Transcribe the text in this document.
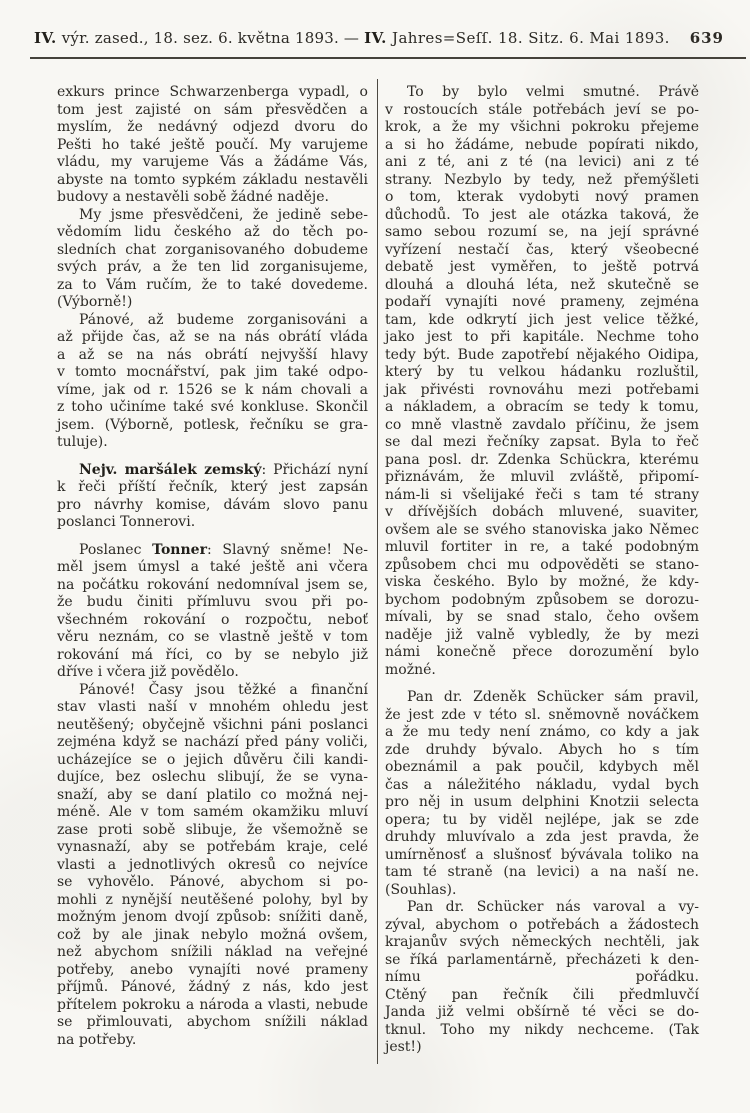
IV. výr. zased., 18. sez. 6. května 1893. — IV. Jahres=Seſſ. 18. Sitz. 6. Mai 1893. 639
exkurs prince Schwarzenberga vypadl, o
tom jest zajisté on sám přesvědčen a
myslím, že nedávný odjezd dvoru do
Pešti ho také ještě poučí. My varujeme
vládu, my varujeme Vás a žádáme Vás,
abyste na tomto sypkém základu nestavěli
budovy a nestavěli sobě žádné naděje.
My jsme přesvědčeni, že jedině sebe-
vědomím lidu českého až do těch po-
sledních chat zorganisovaného dobudeme
svých práv, a že ten lid zorganisujeme,
za to Vám ručím, že to také dovedeme.
(Výborně!)
Pánové, až budeme zorganisováni a
až přijde čas, až se na nás obrátí vláda
a až se na nás obrátí nejvyšší hlavy
v tomto mocnářství, pak jim také odpo-
víme, jak od r. 1526 se k nám chovali a
z toho učiníme také své konkluse. Skončil
jsem. (Výborně, potlesk, řečníku se gra-
tuluje).
Nejv. maršálek zemský: Přichází nyní
k řeči příští řečník, který jest zapsán
pro návrhy komise, dávám slovo panu
poslanci Tonnerovi.
Poslanec Tonner: Slavný sněme! Ne-
měl jsem úmysl a také ještě ani včera
na počátku rokování nedomníval jsem se,
že budu činiti přímluvu svou při po-
všechném rokování o rozpočtu, neboť
věru neznám, co se vlastně ještě v tom
rokování má říci, co by se nebylo již
dříve i včera již povědělo.
Pánové! Časy jsou těžké a finanční
stav vlasti naší v mnohém ohledu jest
neutěšený; obyčejně všichni páni poslanci
zejména když se nachází před pány voliči,
ucházejíce se o jejich důvěru čili kandi-
dujíce, bez oslechu slibují, že se vyna-
snaží, aby se daní platilo co možná nej-
méně. Ale v tom samém okamžiku mluví
zase proti sobě slibuje, že všemožně se
vynasnaží, aby se potřebám kraje, celé
vlasti a jednotlivých okresů co nejvíce
se vyhovělo. Pánové, abychom si po-
mohli z nynější neutěšené polohy, byl by
možným jenom dvojí způsob: snížiti daně,
což by ale jinak nebylo možná ovšem,
než abychom snížili náklad na veřejné
potřeby, anebo vynajíti nové prameny
příjmů. Pánové, žádný z nás, kdo jest
přítelem pokroku a národa a vlasti, nebude
se přimlouvati, abychom snížili náklad
na potřeby.
To by bylo velmi smutné. Právě
v rostoucích stále potřebách jeví se po-
krok, a že my všichni pokroku přejeme
a si ho žádáme, nebude popírati nikdo,
ani z té, ani z té (na levici) ani z té
strany. Nezbylo by tedy, než přemýšleti
o tom, kterak vydobyti nový pramen
důchodů. To jest ale otázka taková, že
samo sebou rozumí se, na její správné
vyřízení nestačí čas, který všeobecné
debatě jest vyměřen, to ještě potrvá
dlouhá a dlouhá léta, než skutečně se
podaří vynajíti nové prameny, zejména
tam, kde odkrytí jich jest velice těžké,
jako jest to při kapitále. Nechme toho
tedy být. Bude zapotřebí nějakého Oidipa,
který by tu velkou hádanku rozluštil,
jak přivésti rovnováhu mezi potřebami
a nákladem, a obracím se tedy k tomu,
co mně vlastně zavdalo příčinu, že jsem
se dal mezi řečníky zapsat. Byla to řeč
pana posl. dr. Zdenka Schückra, kterému
přiznávám, že mluvil zvláště, připomí-
nám-li si všelijaké řeči s tam té strany
v dřívějších dobách mluvené, suaviter,
ovšem ale se svého stanoviska jako Němec
mluvil fortiter in re, a také podobným
způsobem chci mu odpověděti se stano-
viska českého. Bylo by možné, že kdy-
bychom podobným způsobem se dorozu-
mívali, by se snad stalo, čeho ovšem
naděje již valně vybledly, že by mezi
námi konečně přece dorozumění bylo
možné.
Pan dr. Zdeněk Schücker sám pravil,
že jest zde v této sl. sněmovně nováčkem
a že mu tedy není známo, co kdy a jak
zde druhdy bývalo. Abych ho s tím
obeznámil a pak poučil, kdybych měl
čas a náležitého nákladu, vydal bych
pro něj in usum delphini Knotzii selecta
opera; tu by viděl nejlépe, jak se zde
druhdy mluvívalo a zda jest pravda, že
umírněnosť a slušnosť bývávala toliko na
tam té straně (na levici) a na naší ne.
(Souhlas).
Pan dr. Schücker nás varoval a vy-
zýval, abychom o potřebách a žádostech
krajanův svých německých nechtěli, jak
se říká parlamentárně, přecházeti k den-
nímu pořádku.
Ctěný pan řečník čili předmluvčí
Janda již velmi obšírně té věci se do-
tknul. Toho my nikdy nechceme. (Tak
jest!)
